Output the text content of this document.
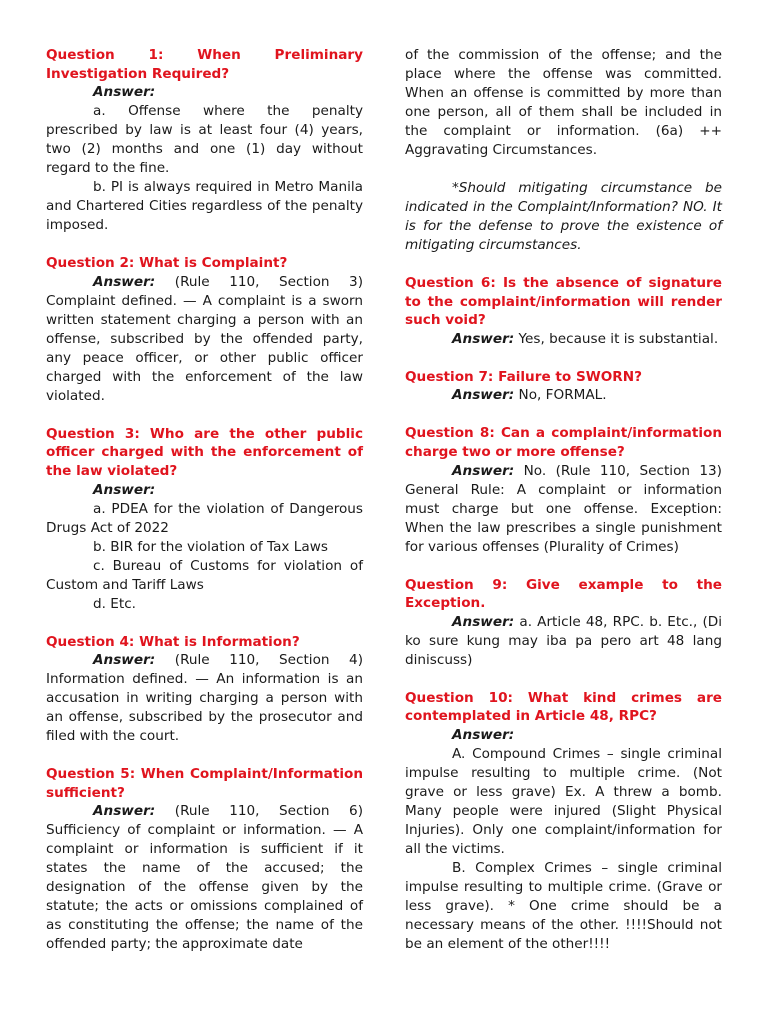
Question 1: When Preliminary Investigation Required?

Answer:

a. Offense where the penalty prescribed by law is at least four (4) years, two (2) months and one (1) day without regard to the fine.

b. PI is always required in Metro Manila and Chartered Cities regardless of the penalty imposed.

Question 2: What is Complaint?

Answer: (Rule 110, Section 3) Complaint defined. — A complaint is a sworn written statement charging a person with an offense, subscribed by the offended party, any peace officer, or other public officer charged with the enforcement of the law violated.

Question 3: Who are the other public officer charged with the enforcement of the law violated?

Answer:

a. PDEA for the violation of Dangerous Drugs Act of 2022

b. BIR for the violation of Tax Laws

c. Bureau of Customs for violation of Custom and Tariff Laws

d. Etc.

Question 4: What is Information?

Answer: (Rule 110, Section 4) Information defined. — An information is an accusation in writing charging a person with an offense, subscribed by the prosecutor and filed with the court.

Question 5: When Complaint/Information sufficient?

Answer: (Rule 110, Section 6) Sufficiency of complaint or information. — A complaint or information is sufficient if it states the name of the accused; the designation of the offense given by the statute; the acts or omissions complained of as constituting the offense; the name of the offended party; the approximate date

of the commission of the offense; and the place where the offense was committed. When an offense is committed by more than one person, all of them shall be included in the complaint or information. (6a) ++ Aggravating Circumstances.

*Should mitigating circumstance be indicated in the Complaint/Information? NO. It is for the defense to prove the existence of mitigating circumstances.

Question 6: Is the absence of signature to the complaint/information will render such void?

Answer: Yes, because it is substantial.

Question 7: Failure to SWORN?

Answer: No, FORMAL.

Question 8: Can a complaint/information charge two or more offense?

Answer: No. (Rule 110, Section 13) General Rule: A complaint or information must charge but one offense. Exception: When the law prescribes a single punishment for various offenses (Plurality of Crimes)

Question 9: Give example to the Exception.

Answer: a. Article 48, RPC. b. Etc., (Di ko sure kung may iba pa pero art 48 lang diniscuss)

Question 10: What kind crimes are contemplated in Article 48, RPC?

Answer:

A. Compound Crimes – single criminal impulse resulting to multiple crime. (Not grave or less grave) Ex. A threw a bomb. Many people were injured (Slight Physical Injuries). Only one complaint/information for all the victims.

B. Complex Crimes – single criminal impulse resulting to multiple crime. (Grave or less grave). * One crime should be a necessary means of the other. !!!!Should not be an element of the other!!!!
